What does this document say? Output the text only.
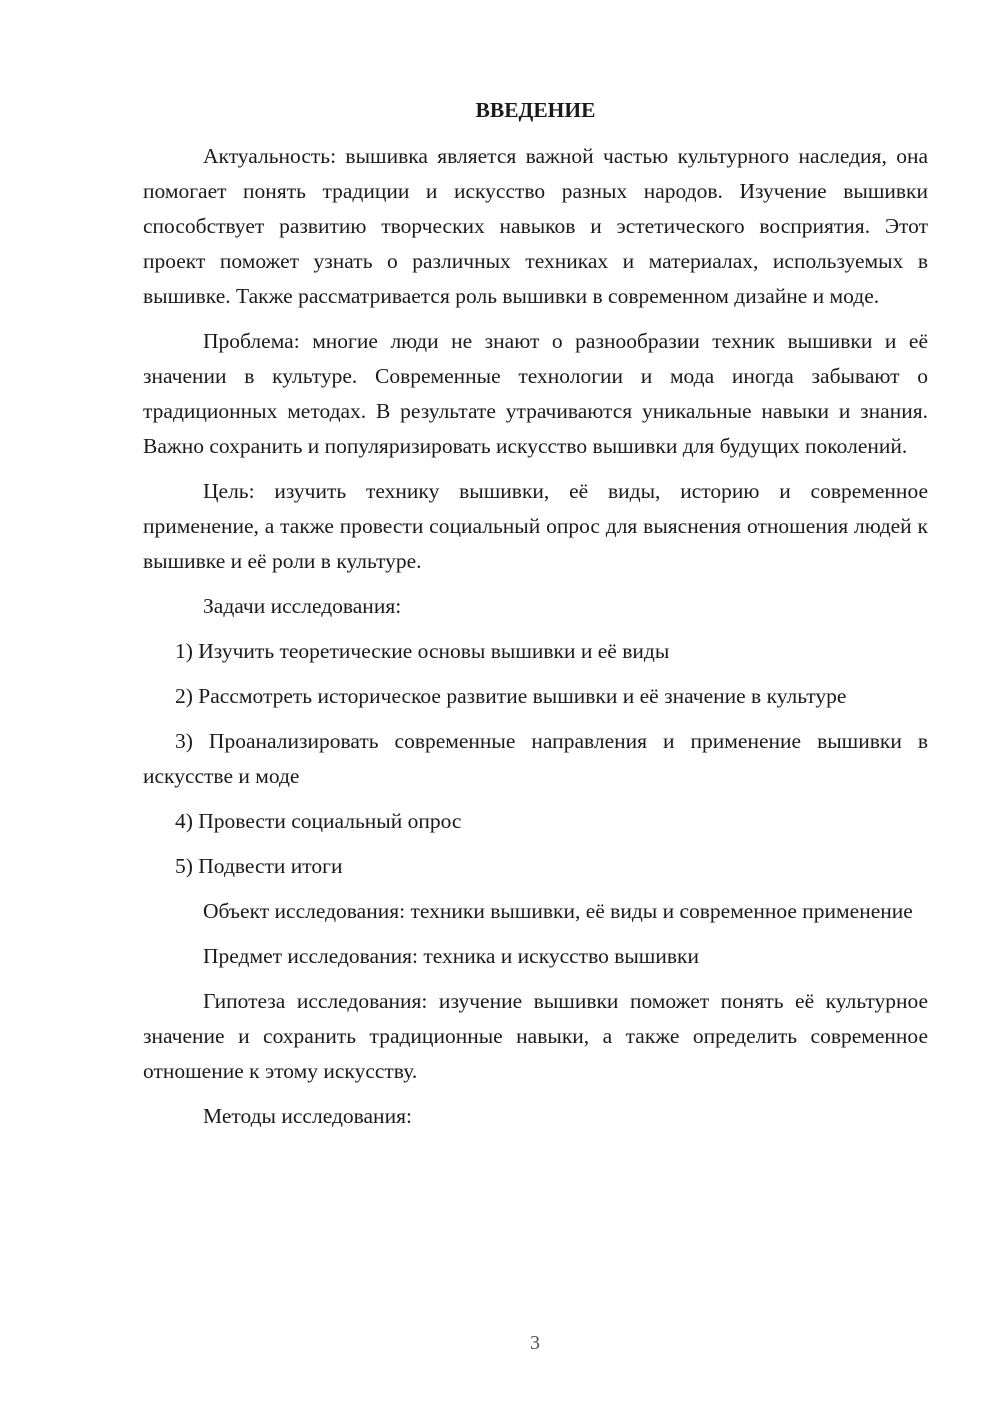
ВВЕДЕНИЕ

Актуальность: вышивка является важной частью культурного наследия, она помогает понять традиции и искусство разных народов. Изучение вышивки способствует развитию творческих навыков и эстетического восприятия. Этот проект поможет узнать о различных техниках и материалах, используемых в вышивке. Также рассматривается роль вышивки в современном дизайне и моде.

Проблема: многие люди не знают о разнообразии техник вышивки и её значении в культуре. Современные технологии и мода иногда забывают о традиционных методах. В результате утрачиваются уникальные навыки и знания. Важно сохранить и популяризировать искусство вышивки для будущих поколений.

Цель: изучить технику вышивки, её виды, историю и современное применение, а также провести социальный опрос для выяснения отношения людей к вышивке и её роли в культуре.

Задачи исследования:

1) Изучить теоретические основы вышивки и её виды

2) Рассмотреть историческое развитие вышивки и её значение в культуре

3) Проанализировать современные направления и применение вышивки в искусстве и моде

4) Провести социальный опрос

5) Подвести итоги

Объект исследования: техники вышивки, её виды и современное применение

Предмет исследования: техника и искусство вышивки

Гипотеза исследования: изучение вышивки поможет понять её культурное значение и сохранить традиционные навыки, а также определить современное отношение к этому искусству.

Методы исследования:

3
